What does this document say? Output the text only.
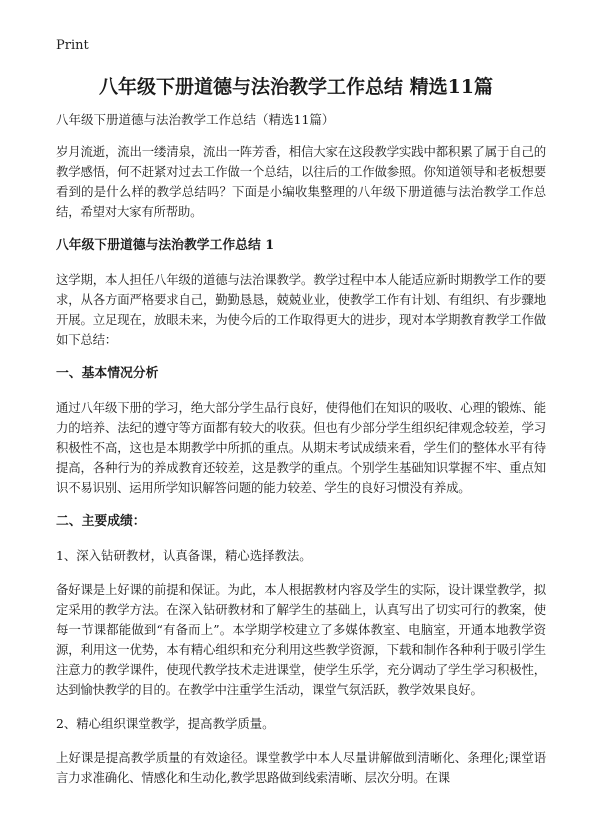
Print
八年级下册道德与法治教学工作总结 精选11篇
八年级下册道德与法治教学工作总结（精选11篇）

岁月流逝，流出一缕清泉，流出一阵芳香，相信大家在这段教学实践中都积累了属于自己的教学感悟，何不赶紧对过去工作做一个总结，以往后的工作做参照。你知道领导和老板想要看到的是什么样的教学总结吗？下面是小编收集整理的八年级下册道德与法治教学工作总结，希望对大家有所帮助。

八年级下册道德与法治教学工作总结 1

这学期，本人担任八年级的道德与法治课教学。教学过程中本人能适应新时期教学工作的要求，从各方面严格要求自己，勤勤恳恳，兢兢业业，使教学工作有计划、有组织、有步骤地开展。立足现在，放眼未来，为使今后的工作取得更大的进步，现对本学期教育教学工作做如下总结：

一、基本情况分析

通过八年级下册的学习，绝大部分学生品行良好，使得他们在知识的吸收、心理的锻炼、能力的培养、法纪的遵守等方面都有较大的收获。但也有少部分学生组织纪律观念较差，学习积极性不高，这也是本期教学中所抓的重点。从期末考试成绩来看，学生们的整体水平有待提高，各种行为的养成教育还较差，这是教学的重点。个别学生基础知识掌握不牢、重点知识不易识别、运用所学知识解答问题的能力较差、学生的良好习惯没有养成。

二、主要成绩：
1、深入钻研教材，认真备课，精心选择教法。

备好课是上好课的前提和保证。为此，本人根据教材内容及学生的实际，设计课堂教学，拟定采用的教学方法。在深入钻研教材和了解学生的基础上，认真写出了切实可行的教案，使每一节课都能做到“有备而上”。本学期学校建立了多媒体教室、电脑室，开通本地教学资源，利用这一优势，本有精心组织和充分利用这些教学资源，下载和制作各种利于吸引学生注意力的教学课件，使现代教学技术走进课堂，使学生乐学，充分调动了学生学习积极性，达到愉快教学的目的。在教学中注重学生活动，课堂气氛活跃，教学效果良好。

2、精心组织课堂教学，提高教学质量。

上好课是提高教学质量的有效途径。课堂教学中本人尽量讲解做到清晰化、条理化;课堂语言力求准确化、情感化和生动化,教学思路做到线索清晰、层次分明。在课
